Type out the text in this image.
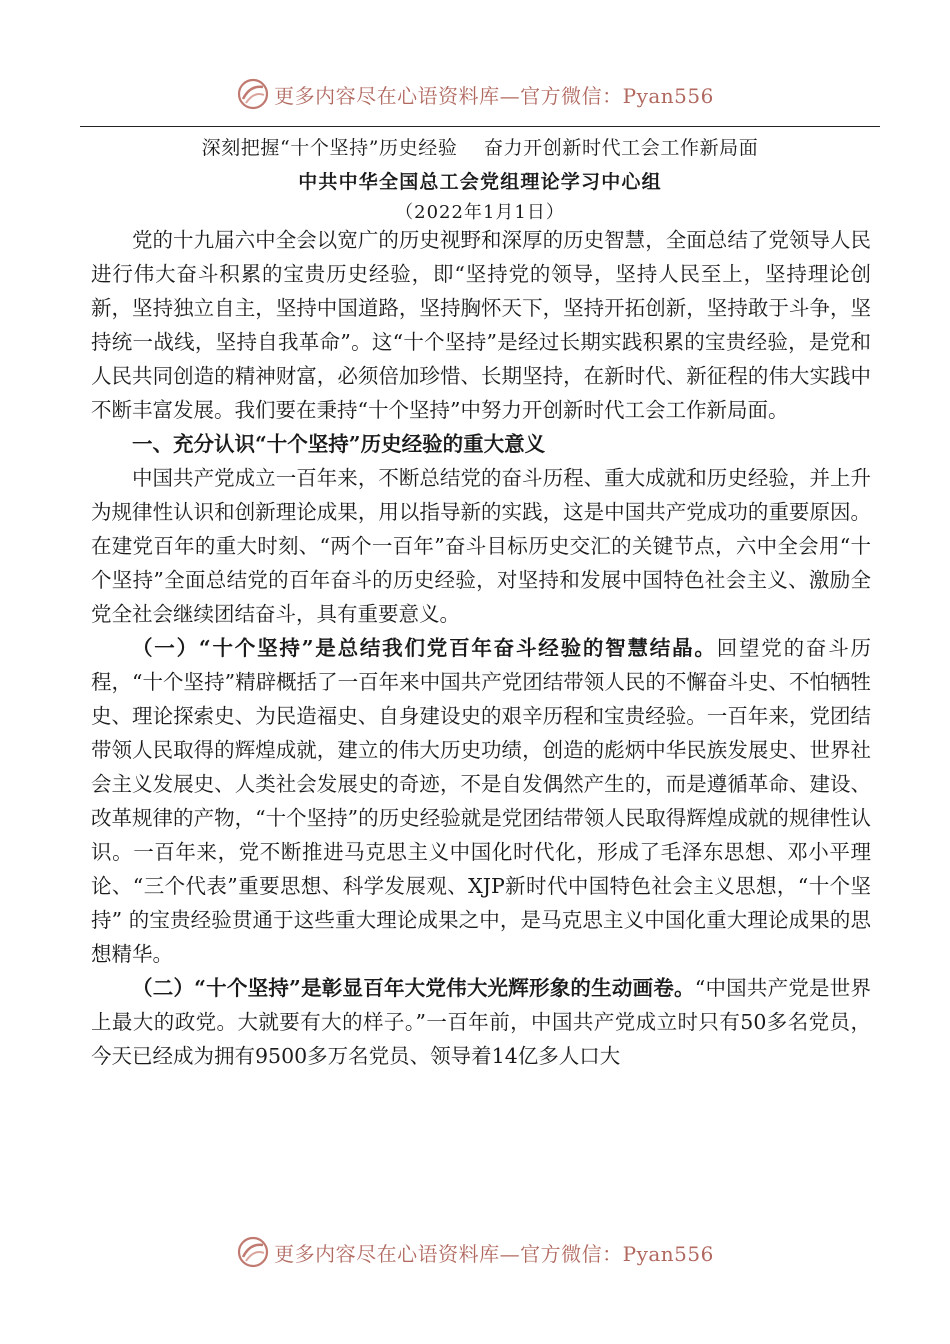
更多内容尽在心语资料库—官方微信：Pyan556
深刻把握“十个坚持”历史经验    奋力开创新时代工会工作新局面
中共中华全国总工会党组理论学习中心组
（2022年1月1日）

党的十九届六中全会以宽广的历史视野和深厚的历史智慧，全面总结了党领导人民进行伟大奋斗积累的宝贵历史经验，即“坚持党的领导，坚持人民至上，坚持理论创新，坚持独立自主，坚持中国道路，坚持胸怀天下，坚持开拓创新，坚持敢于斗争，坚持统一战线，坚持自我革命”。这“十个坚持”是经过长期实践积累的宝贵经验，是党和人民共同创造的精神财富，必须倍加珍惜、长期坚持，在新时代、新征程的伟大实践中不断丰富发展。我们要在秉持“十个坚持”中努力开创新时代工会工作新局面。

一、充分认识“十个坚持”历史经验的重大意义

中国共产党成立一百年来，不断总结党的奋斗历程、重大成就和历史经验，并上升为规律性认识和创新理论成果，用以指导新的实践，这是中国共产党成功的重要原因。在建党百年的重大时刻、“两个一百年”奋斗目标历史交汇的关键节点，六中全会用“十个坚持”全面总结党的百年奋斗的历史经验，对坚持和发展中国特色社会主义、激励全党全社会继续团结奋斗，具有重要意义。

（一）“十个坚持”是总结我们党百年奋斗经验的智慧结晶。回望党的奋斗历程，“十个坚持”精辟概括了一百年来中国共产党团结带领人民的不懈奋斗史、不怕牺牲史、理论探索史、为民造福史、自身建设史的艰辛历程和宝贵经验。一百年来，党团结带领人民取得的辉煌成就，建立的伟大历史功绩，创造的彪炳中华民族发展史、世界社会主义发展史、人类社会发展史的奇迹，不是自发偶然产生的，而是遵循革命、建设、改革规律的产物，“十个坚持”的历史经验就是党团结带领人民取得辉煌成就的规律性认识。一百年来，党不断推进马克思主义中国化时代化，形成了毛泽东思想、邓小平理论、“三个代表”重要思想、科学发展观、XJP新时代中国特色社会主义思想，“十个坚持” 的宝贵经验贯通于这些重大理论成果之中，是马克思主义中国化重大理论成果的思想精华。

（二）“十个坚持”是彰显百年大党伟大光辉形象的生动画卷。“中国共产党是世界上最大的政党。大就要有大的样子。”一百年前，中国共产党成立时只有50多名党员，今天已经成为拥有9500多万名党员、领导着14亿多人口大

更多内容尽在心语资料库—官方微信：Pyan556
